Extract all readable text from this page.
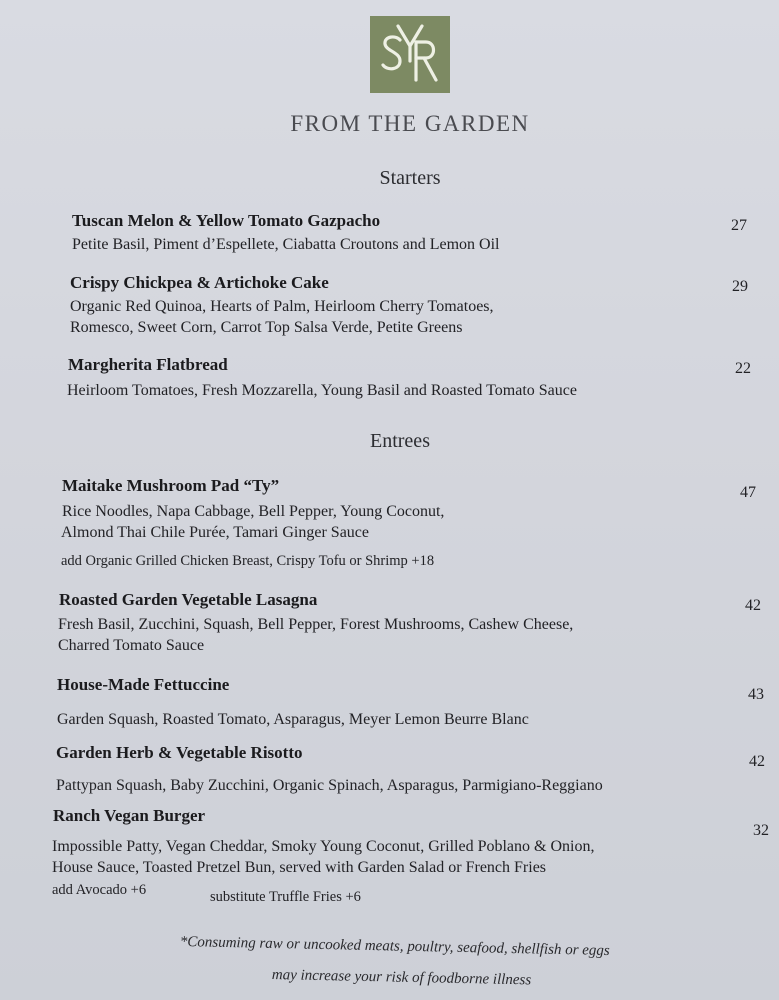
FROM THE GARDEN
Starters
Tuscan Melon & Yellow Tomato Gazpacho	27
Petite Basil, Piment d’Espellete, Ciabatta Croutons and Lemon Oil
Crispy Chickpea & Artichoke Cake	29
Organic Red Quinoa, Hearts of Palm, Heirloom Cherry Tomatoes,
Romesco, Sweet Corn, Carrot Top Salsa Verde, Petite Greens
Margherita Flatbread	22
Heirloom Tomatoes, Fresh Mozzarella, Young Basil and Roasted Tomato Sauce
Entrees
Maitake Mushroom Pad “Ty”	47
Rice Noodles, Napa Cabbage, Bell Pepper, Young Coconut,
Almond Thai Chile Purée, Tamari Ginger Sauce
add Organic Grilled Chicken Breast, Crispy Tofu or Shrimp +18
Roasted Garden Vegetable Lasagna	42
Fresh Basil, Zucchini, Squash, Bell Pepper, Forest Mushrooms, Cashew Cheese,
Charred Tomato Sauce
House-Made Fettuccine
43
Garden Squash, Roasted Tomato, Asparagus, Meyer Lemon Beurre Blanc
Garden Herb & Vegetable Risotto	42
Pattypan Squash, Baby Zucchini, Organic Spinach, Asparagus, Parmigiano-Reggiano
Ranch Vegan Burger
32
Impossible Patty, Vegan Cheddar, Smoky Young Coconut, Grilled Poblano & Onion,
House Sauce, Toasted Pretzel Bun, served with Garden Salad or French Fries
add Avocado +6	substitute Truffle Fries +6
*Consuming raw or uncooked meats, poultry, seafood, shellfish or eggs
may increase your risk of foodborne illness
